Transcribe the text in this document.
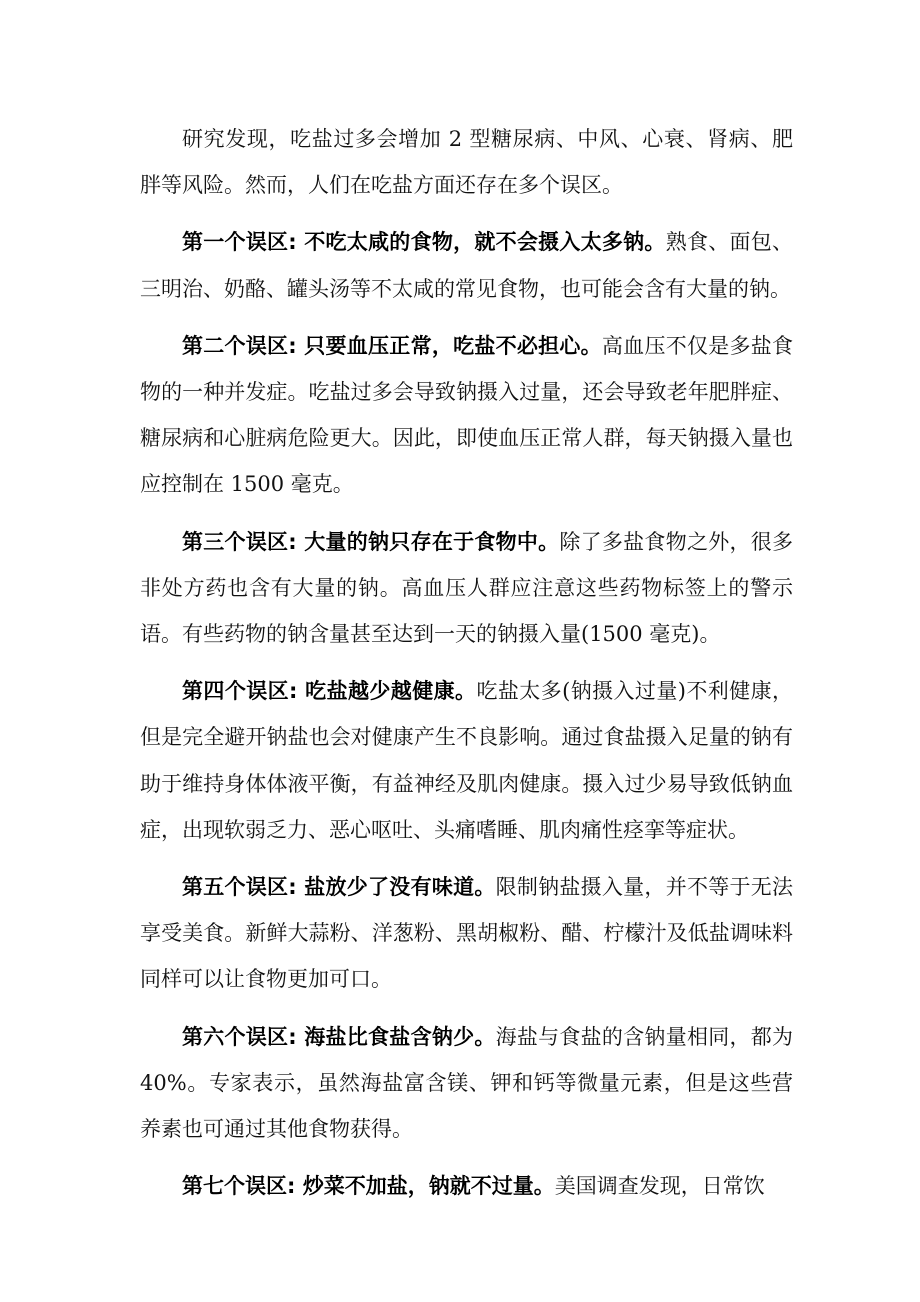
研究发现，吃盐过多会增加 2 型糖尿病、中风、心衰、肾病、肥胖等风险。然而，人们在吃盐方面还存在多个误区。

第一个误区: 不吃太咸的食物，就不会摄入太多钠。熟食、面包、三明治、奶酪、罐头汤等不太咸的常见食物，也可能会含有大量的钠。

第二个误区: 只要血压正常，吃盐不必担心。高血压不仅是多盐食物的一种并发症。吃盐过多会导致钠摄入过量，还会导致老年肥胖症、糖尿病和心脏病危险更大。因此，即使血压正常人群，每天钠摄入量也应控制在 1500 毫克。

第三个误区: 大量的钠只存在于食物中。除了多盐食物之外，很多非处方药也含有大量的钠。高血压人群应注意这些药物标签上的警示语。有些药物的钠含量甚至达到一天的钠摄入量(1500 毫克)。

第四个误区: 吃盐越少越健康。吃盐太多(钠摄入过量)不利健康，但是完全避开钠盐也会对健康产生不良影响。通过食盐摄入足量的钠有助于维持身体体液平衡，有益神经及肌肉健康。摄入过少易导致低钠血症，出现软弱乏力、恶心呕吐、头痛嗜睡、肌肉痛性痉挛等症状。

第五个误区: 盐放少了没有味道。限制钠盐摄入量，并不等于无法享受美食。新鲜大蒜粉、洋葱粉、黑胡椒粉、醋、柠檬汁及低盐调味料同样可以让食物更加可口。

第六个误区: 海盐比食盐含钠少。海盐与食盐的含钠量相同，都为 40%。专家表示，虽然海盐富含镁、钾和钙等微量元素，但是这些营养素也可通过其他食物获得。

第七个误区: 炒菜不加盐，钠就不过量。美国调查发现，日常饮
